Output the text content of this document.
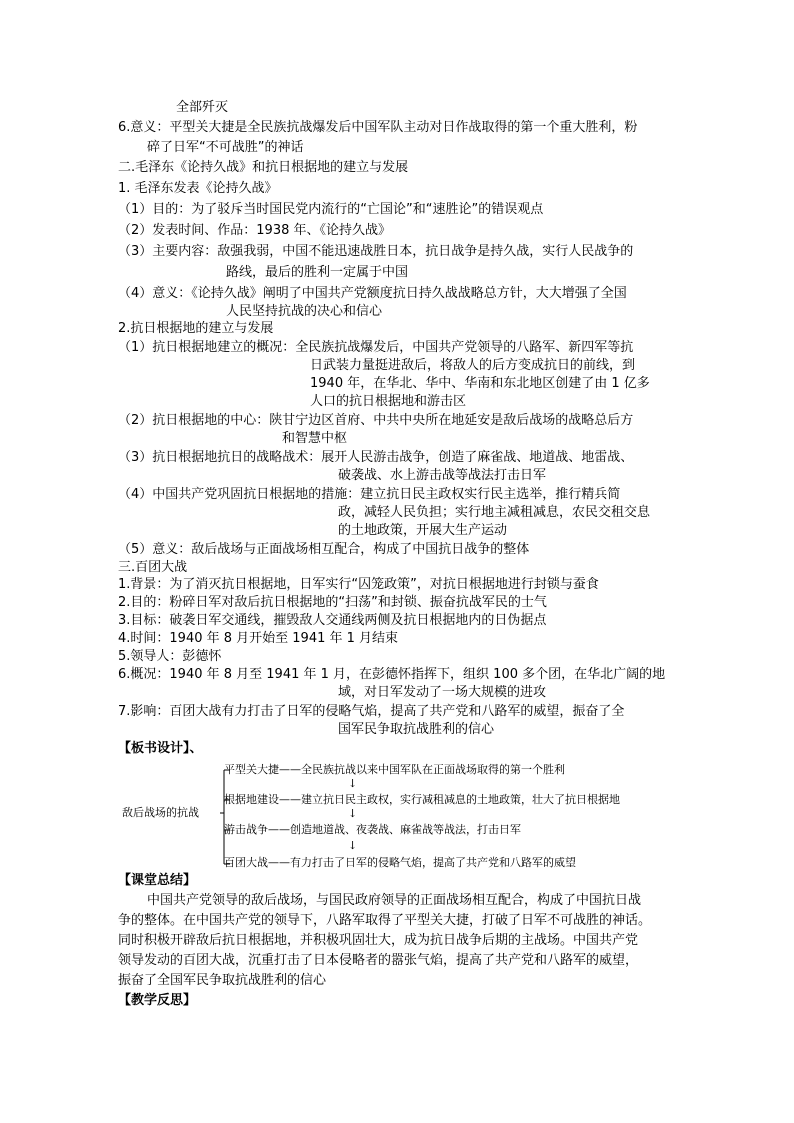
全部歼灭
6.意义：平型关大捷是全民族抗战爆发后中国军队主动对日作战取得的第一个重大胜利，粉
碎了日军“不可战胜”的神话
二.毛泽东《论持久战》和抗日根据地的建立与发展
1. 毛泽东发表《论持久战》
（1）目的：为了驳斥当时国民党内流行的“亡国论”和“速胜论”的错误观点
（2）发表时间、作品：1938 年、《论持久战》
（3）主要内容：敌强我弱，中国不能迅速战胜日本，抗日战争是持久战，实行人民战争的
路线，最后的胜利一定属于中国
（4）意义：《论持久战》阐明了中国共产党额度抗日持久战战略总方针，大大增强了全国
人民坚持抗战的决心和信心
2.抗日根据地的建立与发展
（1）抗日根据地建立的概况：全民族抗战爆发后，中国共产党领导的八路军、新四军等抗
日武装力量挺进敌后，将敌人的后方变成抗日的前线，到
1940 年，在华北、华中、华南和东北地区创建了由 1 亿多
人口的抗日根据地和游击区
（2）抗日根据地的中心：陕甘宁边区首府、中共中央所在地延安是敌后战场的战略总后方
和智慧中枢
（3）抗日根据地抗日的战略战术：展开人民游击战争，创造了麻雀战、地道战、地雷战、
破袭战、水上游击战等战法打击日军
（4）中国共产党巩固抗日根据地的措施：建立抗日民主政权实行民主选举，推行精兵简
政，减轻人民负担；实行地主减租减息，农民交租交息
的土地政策，开展大生产运动
（5）意义：敌后战场与正面战场相互配合，构成了中国抗日战争的整体
三.百团大战
1.背景：为了消灭抗日根据地，日军实行“囚笼政策”，对抗日根据地进行封锁与蚕食
2.目的：粉碎日军对敌后抗日根据地的“扫荡”和封锁、振奋抗战军民的士气
3.目标：破袭日军交通线，摧毁敌人交通线两侧及抗日根据地内的日伪据点
4.时间：1940 年 8 月开始至 1941 年 1 月结束
5.领导人：彭德怀
6.概况：1940 年 8 月至 1941 年 1 月，在彭德怀指挥下，组织 100 多个团，在华北广阔的地
域，对日军发动了一场大规模的进攻
7.影响：百团大战有力打击了日军的侵略气焰，提高了共产党和八路军的威望，振奋了全
国军民争取抗战胜利的信心
【板书设计】、
敌后战场的抗战
平型关大捷——全民族抗战以来中国军队在正面战场取得的第一个胜利
↓
根据地建设——建立抗日民主政权，实行减租减息的土地政策，壮大了抗日根据地
↓
游击战争——创造地道战、夜袭战、麻雀战等战法，打击日军
↓
百团大战——有力打击了日军的侵略气焰，提高了共产党和八路军的威望
【课堂总结】
中国共产党领导的敌后战场，与国民政府领导的正面战场相互配合，构成了中国抗日战
争的整体。在中国共产党的领导下，八路军取得了平型关大捷，打破了日军不可战胜的神话。
同时积极开辟敌后抗日根据地，并积极巩固壮大，成为抗日战争后期的主战场。中国共产党
领导发动的百团大战，沉重打击了日本侵略者的嚣张气焰，提高了共产党和八路军的威望，
振奋了全国军民争取抗战胜利的信心
【教学反思】
